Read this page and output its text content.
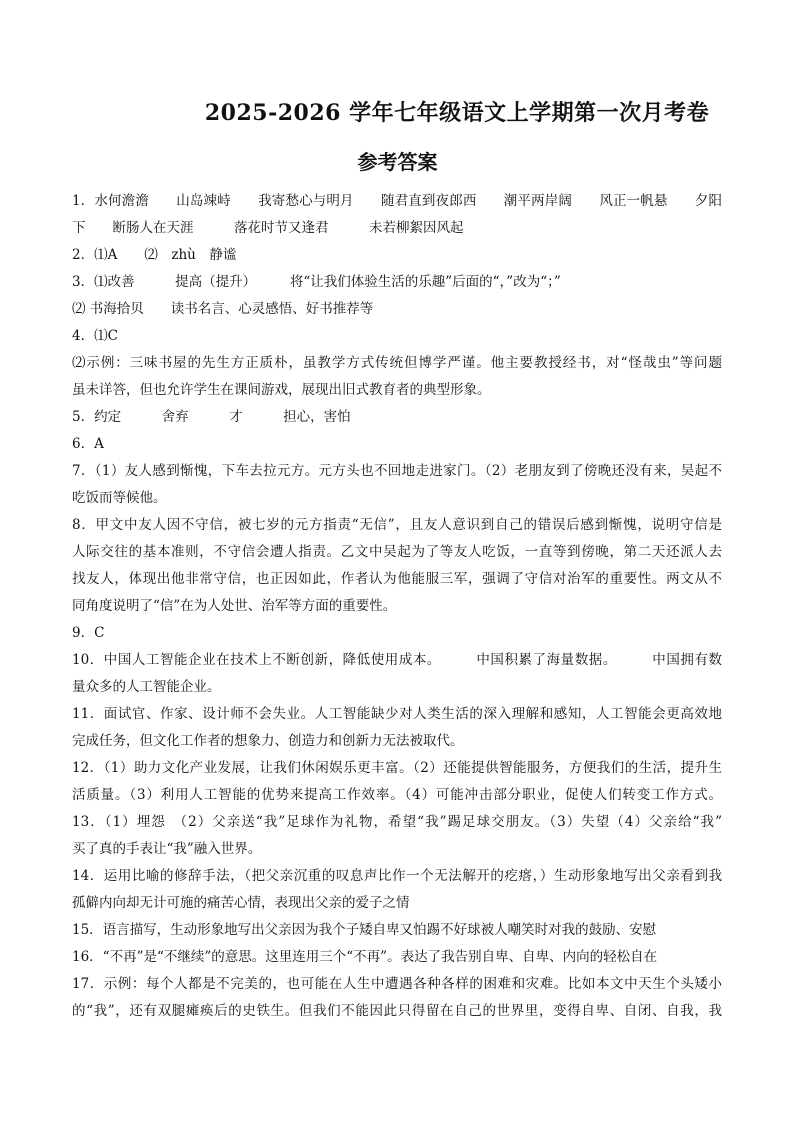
2025-2026 学年七年级语文上学期第一次月考卷
参考答案
1．水何澹澹　　山岛竦峙　　我寄愁心与明月　　随君直到夜郎西　　潮平两岸阔　　风正一帆悬　　夕阳
下　　断肠人在天涯　　　落花时节又逢君　　　未若柳絮因风起
2．⑴A　　⑵　zhù　静谧
3．⑴改善　　　提高（提升）　　　将“让我们体验生活的乐趣”后面的“，”改为“；”
⑵ 书海拾贝　　读书名言、心灵感悟、好书推荐等
4．⑴C
⑵示例：三味书屋的先生方正质朴，虽教学方式传统但博学严谨。他主要教授经书，对“怪哉虫”等问题
虽未详答，但也允许学生在课间游戏，展现出旧式教育者的典型形象。
5．约定　　　舍弃　　　才　　　担心，害怕
6．A
7．（1）友人感到惭愧，下车去拉元方。元方头也不回地走进家门。（2）老朋友到了傍晚还没有来，吴起不
吃饭而等候他。
8．甲文中友人因不守信，被七岁的元方指责“无信”，且友人意识到自己的错误后感到惭愧，说明守信是
人际交往的基本准则，不守信会遭人指责。乙文中吴起为了等友人吃饭，一直等到傍晚，第二天还派人去
找友人，体现出他非常守信，也正因如此，作者认为他能服三军，强调了守信对治军的重要性。两文从不
同角度说明了“信”在为人处世、治军等方面的重要性。
9．C
10．中国人工智能企业在技术上不断创新，降低使用成本。　　　中国积累了海量数据。　　　中国拥有数
量众多的人工智能企业。
11．面试官、作家、设计师不会失业。人工智能缺少对人类生活的深入理解和感知，人工智能会更高效地
完成任务，但文化工作者的想象力、创造力和创新力无法被取代。
12．（1）助力文化产业发展，让我们休闲娱乐更丰富。（2）还能提供智能服务，方便我们的生活，提升生
活质量。（3）利用人工智能的优势来提高工作效率。（4）可能冲击部分职业，促使人们转变工作方式。
13．（1）埋怨　（2）父亲送“我”足球作为礼物，希望“我”踢足球交朋友。（3）失望（4）父亲给“我”
买了真的手表让“我”融入世界。
14．运用比喻的修辞手法，（把父亲沉重的叹息声比作一个无法解开的疙瘩，）生动形象地写出父亲看到我
孤僻内向却无计可施的痛苦心情，表现出父亲的爱子之情
15．语言描写，生动形象地写出父亲因为我个子矮自卑又怕踢不好球被人嘲笑时对我的鼓励、安慰
16．“不再”是“不继续”的意思。这里连用三个“不再”。表达了我告别自卑、自卑、内向的轻松自在
17．示例：每个人都是不完美的，也可能在人生中遭遇各种各样的困难和灾难。比如本文中天生个头矮小
的“我”，还有双腿瘫痪后的史铁生。但我们不能因此只得留在自己的世界里，变得自卑、自闭、自我，我
